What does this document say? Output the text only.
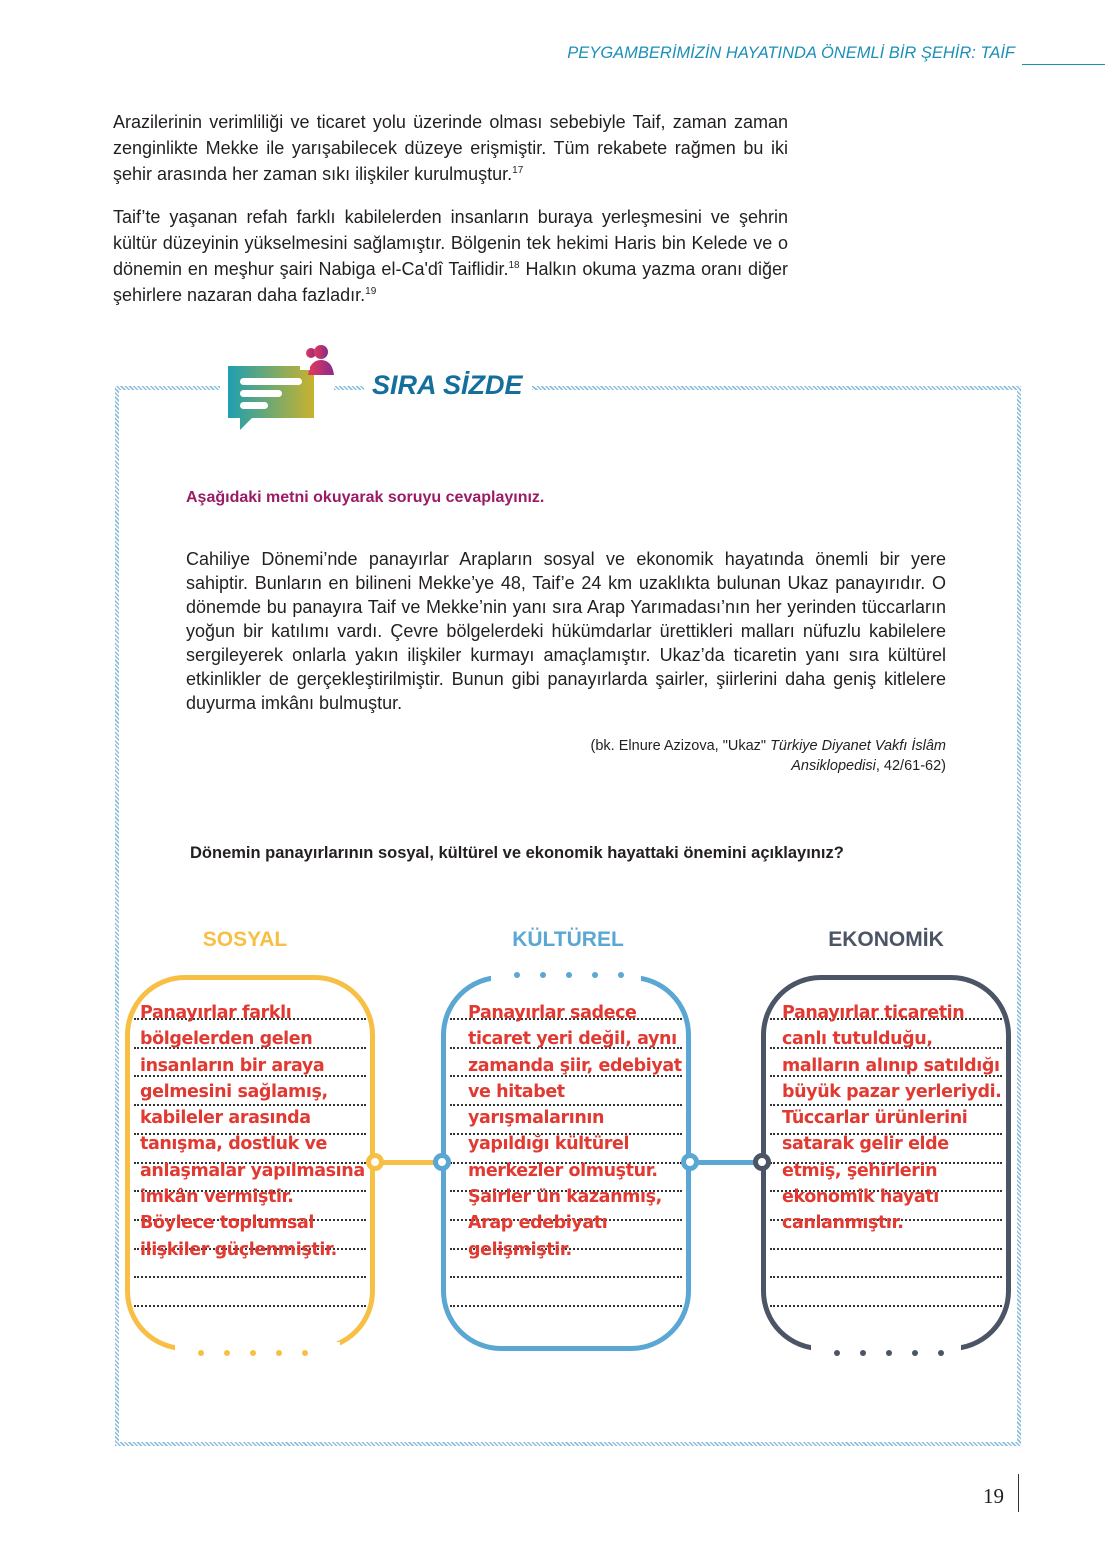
PEYGAMBERİMİZİN HAYATINDA ÖNEMLİ BİR ŞEHİR: TAİF

Arazilerinin verimliliği ve ticaret yolu üzerinde olması sebebiyle Taif, zaman zaman zenginlikte Mekke ile yarışabilecek düzeye erişmiştir. Tüm rekabete rağmen bu iki şehir arasında her zaman sıkı ilişkiler kurulmuştur.$^{17}$

Taif’te yaşanan refah farklı kabilelerden insanların buraya yerleşmesini ve şehrin kültür düzeyinin yükselmesini sağlamıştır. Bölgenin tek hekimi Haris bin Kelede ve o dönemin en meşhur şairi Nabiga el-Ca'dî Taiflidir.$^{18}$ Halkın okuma yazma oranı diğer şehirlere nazaran daha fazladır.$^{19}$

SIRA SİZDE
Aşağıdaki metni okuyarak soruyu cevaplayınız.

Cahiliye Dönemi’nde panayırlar Arapların sosyal ve ekonomik hayatında önemli bir yere sahiptir. Bunların en bilineni Mekke’ye 48, Taif’e 24 km uzaklıkta bulunan Ukaz panayırıdır. O dönemde bu panayıra Taif ve Mekke’nin yanı sıra Arap Yarımadası’nın her yerinden tüccarların yoğun bir katılımı vardı. Çevre bölgelerdeki hükümdarlar ürettikleri malları nüfuzlu kabilelere sergileyerek onlarla yakın ilişkiler kurmayı amaçlamıştır. Ukaz’da ticaretin yanı sıra kültürel etkinlikler de gerçekleştirilmiştir. Bunun gibi panayırlarda şairler, şiirlerini daha geniş kitlelere duyurma imkânı bulmuştur.

(bk. Elnure Azizova, "Ukaz" Türkiye Diyanet Vakfı İslâm Ansiklopedisi, 42/61-62)
Dönemin panayırlarının sosyal, kültürel ve ekonomik hayattaki önemini açıklayınız?
SOSYAL	KÜLTÜREL	EKONOMİK
Panayırlar farklı bölgelerden gelen insanların bir araya gelmesini sağlamış, kabileler arasında tanışma, dostluk ve anlaşmalar yapılmasına imkân vermiştir. Böylece toplumsal ilişkiler güçlenmiştir.
Panayırlar sadece ticaret yeri değil, aynı zamanda şiir, edebiyat ve hitabet yarışmalarının yapıldığı kültürel merkezler olmuştur. Şairler ün kazanmış, Arap edebiyatı gelişmiştir.
Panayırlar ticaretin canlı tutulduğu, malların alınıp satıldığı büyük pazar yerleriydi. Tüccarlar ürünlerini satarak gelir elde etmiş, şehirlerin ekonomik hayatı canlanmıştır.
19
